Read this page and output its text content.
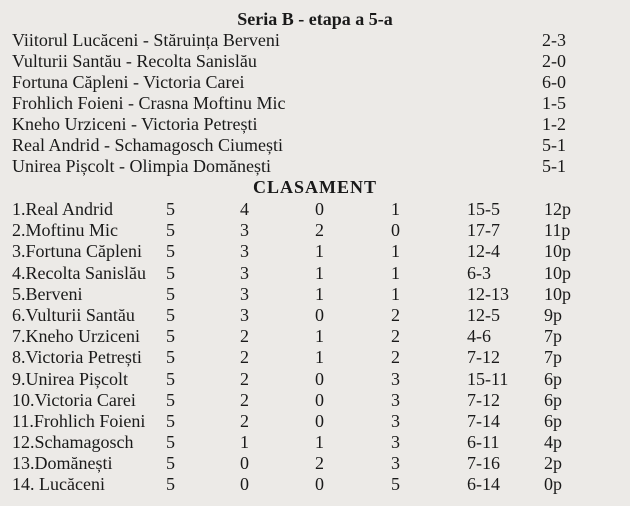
Seria B - etapa a 5-a
Viitorul Lucăceni - Stăruința Berveni	2-3
Vulturii Santău - Recolta Sanislău	2-0
Fortuna Căpleni - Victoria Carei	6-0
Frohlich Foieni - Crasna Moftinu Mic	1-5
Kneho Urziceni - Victoria Petrești	1-2
Real Andrid - Schamagosch Ciumești	5-1
Unirea Pișcolt - Olimpia Domănești	5-1
CLASAMENT
1.Real Andrid	5	4	0	1	15-5 12p
2.Moftinu Mic	5	3	2	0	17-7 11p
3.Fortuna Căpleni 5	3	1	1	12-4 10p
4.Recolta Sanislău 5	3	1	1	6-3	10p
5.Berveni	5	3	1	1	12-13 10p
6.Vulturii Santău 5	3	0	2	12-5 9p
7.Kneho Urziceni 5	2	1	2	4-6	7p
8.Victoria Petrești 5	2	1	2	7-12 7p
9.Unirea Pișcolt 5	2	0	3	15-11 6p
10.Victoria Carei 5	2	0	3	7-12 6p
11.Frohlich Foieni 5	2	0	3	7-14 6p
12.Schamagosch 5	1	1	3	6-11 4p
13.Domănești	5	0	2	3	7-16 2p
14. Lucăceni	5	0	0	5	6-14 0p
